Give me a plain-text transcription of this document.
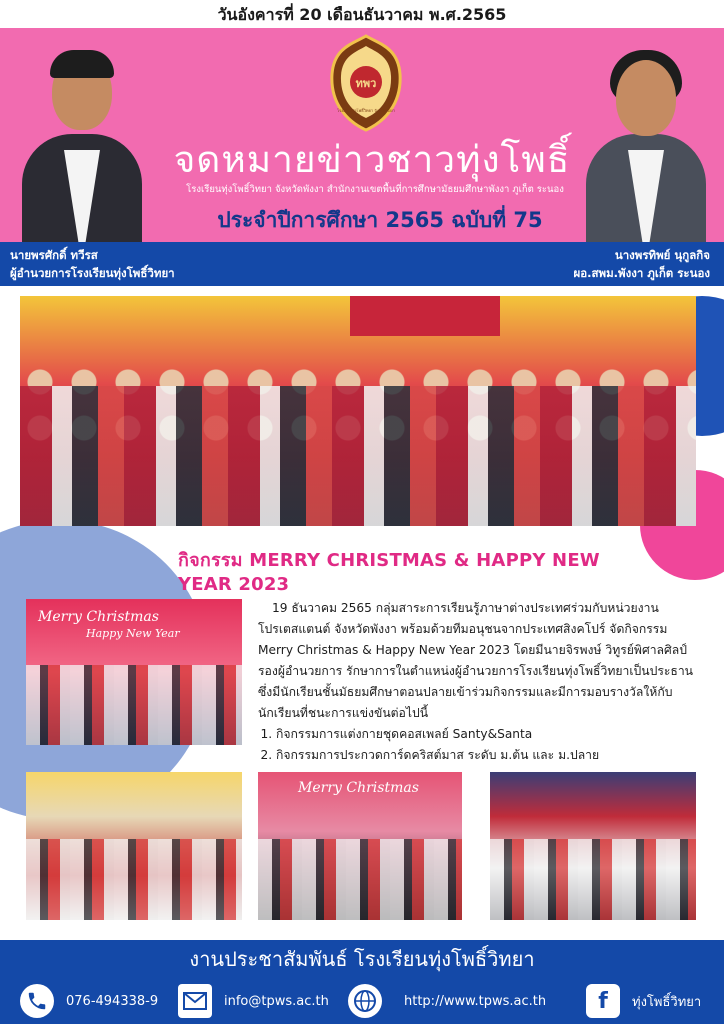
วันอังคารที่ 20 เดือนธันวาคม พ.ศ.2565
ทพว
โรงเรียนทุ่งโพธิ์วิทยา จังหวัดพังงา
จดหมายข่าวชาวทุ่งโพธิ์
โรงเรียนทุ่งโพธิ์วิทยา จังหวัดพังงา สำนักงานเขตพื้นที่การศึกษามัธยมศึกษาพังงา ภูเก็ต ระนอง
ประจำปีการศึกษา 2565 ฉบับที่ 75
นายพรศักดิ์ ทวีรส
ผู้อำนวยการโรงเรียนทุ่งโพธิ์วิทยา
นางพรทิพย์ นุกูลกิจ
ผอ.สพม.พังงา ภูเก็ต ระนอง
กิจกรรม MERRY CHRISTMAS & HAPPY NEW YEAR 2023
Merry Christmas
Happy New Year

19 ธันวาคม 2565 กลุ่มสาระการเรียนรู้ภาษาต่างประเทศร่วมกับหน่วยงานโปรเตสแตนต์ จังหวัดพังงา พร้อมด้วยทีมอนุชนจากประเทศสิงคโปร์ จัดกิจกรรม Merry Christmas & Happy New Year 2023 โดยมีนายจิรพงษ์ วิทูรย์พิศาลศิลป์ รองผู้อำนวยการ รักษาการในตำแหน่งผู้อำนวยการโรงเรียนทุ่งโพธิ์วิทยาเป็นประธานซึ่งมีนักเรียนชั้นมัธยมศึกษาตอนปลายเข้าร่วมกิจกรรมและมีการมอบรางวัลให้กับนักเรียนที่ชนะการแข่งขันต่อไปนี้

1. กิจกรรมการแต่งกายชุดคอสเพลย์ Santy&Santa
2. กิจกรรมการประกวดการ์ดคริสต์มาส ระดับ ม.ต้น และ ม.ปลาย
Merry Christmas
งานประชาสัมพันธ์ โรงเรียนทุ่งโพธิ์วิทยา
076-494338-9	info@tpws.ac.th	http://www.tpws.ac.th f ทุ่งโพธิ์วิทยา
